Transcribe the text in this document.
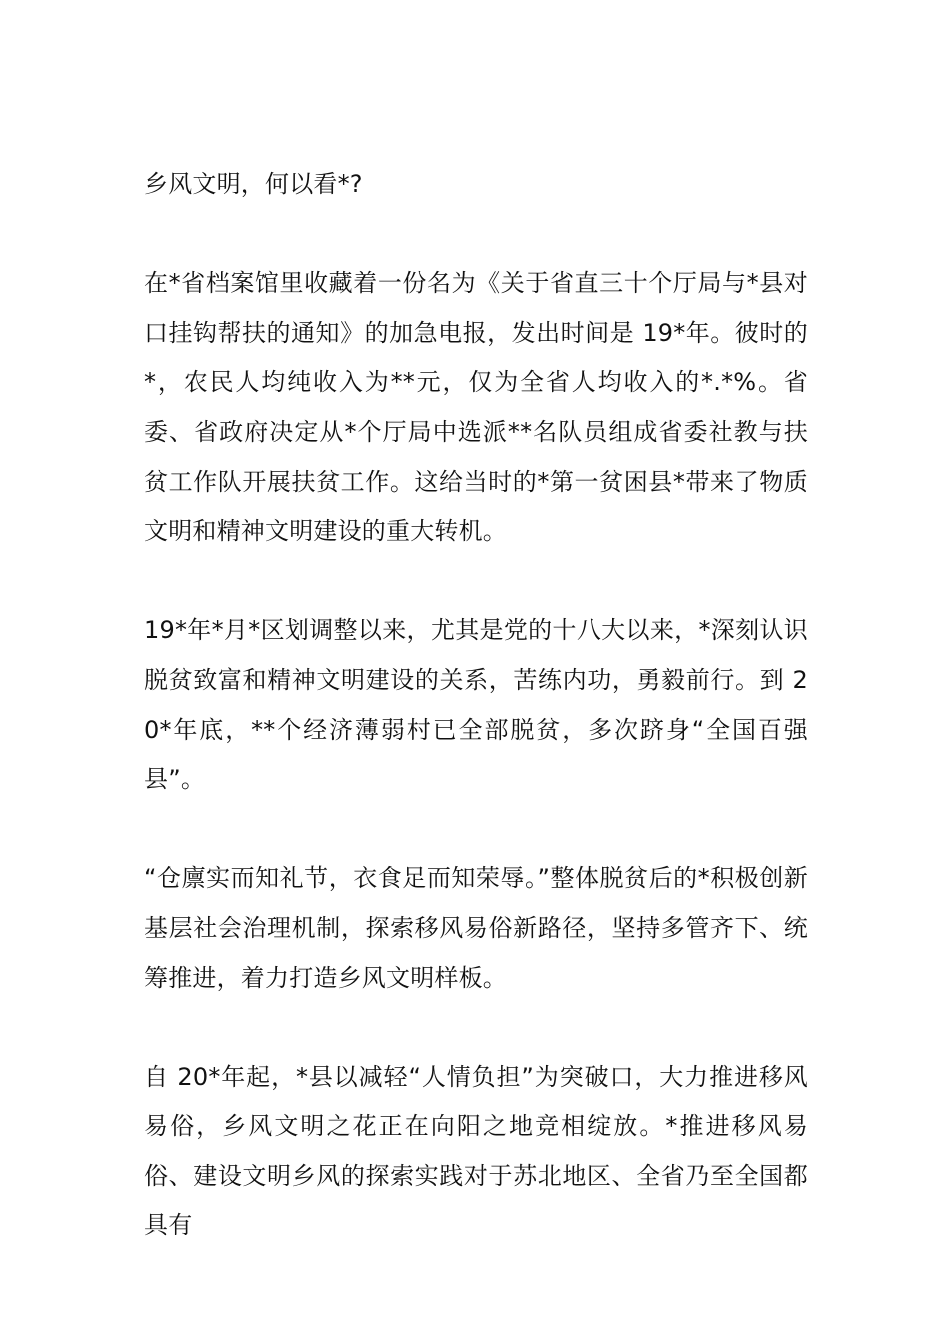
乡风文明，何以看*?

在*省档案馆里收藏着一份名为《关于省直三十个厅局与*县对口挂钩帮扶的通知》的加急电报，发出时间是 19*年。彼时的*，农民人均纯收入为**元，仅为全省人均收入的*.*%。省委、省政府决定从*个厅局中选派**名队员组成省委社教与扶贫工作队开展扶贫工作。这给当时的*第一贫困县*带来了物质文明和精神文明建设的重大转机。

19*年*月*区划调整以来，尤其是党的十八大以来，*深刻认识脱贫致富和精神文明建设的关系，苦练内功，勇毅前行。到 20*年底，**个经济薄弱村已全部脱贫，多次跻身“全国百强县”。

“仓廪实而知礼节，衣食足而知荣辱。”整体脱贫后的*积极创新基层社会治理机制，探索移风易俗新路径，坚持多管齐下、统筹推进，着力打造乡风文明样板。

自 20*年起，*县以减轻“人情负担”为突破口，大力推进移风易俗，乡风文明之花正在向阳之地竞相绽放。*推进移风易俗、建设文明乡风的探索实践对于苏北地区、全省乃至全国都具有
